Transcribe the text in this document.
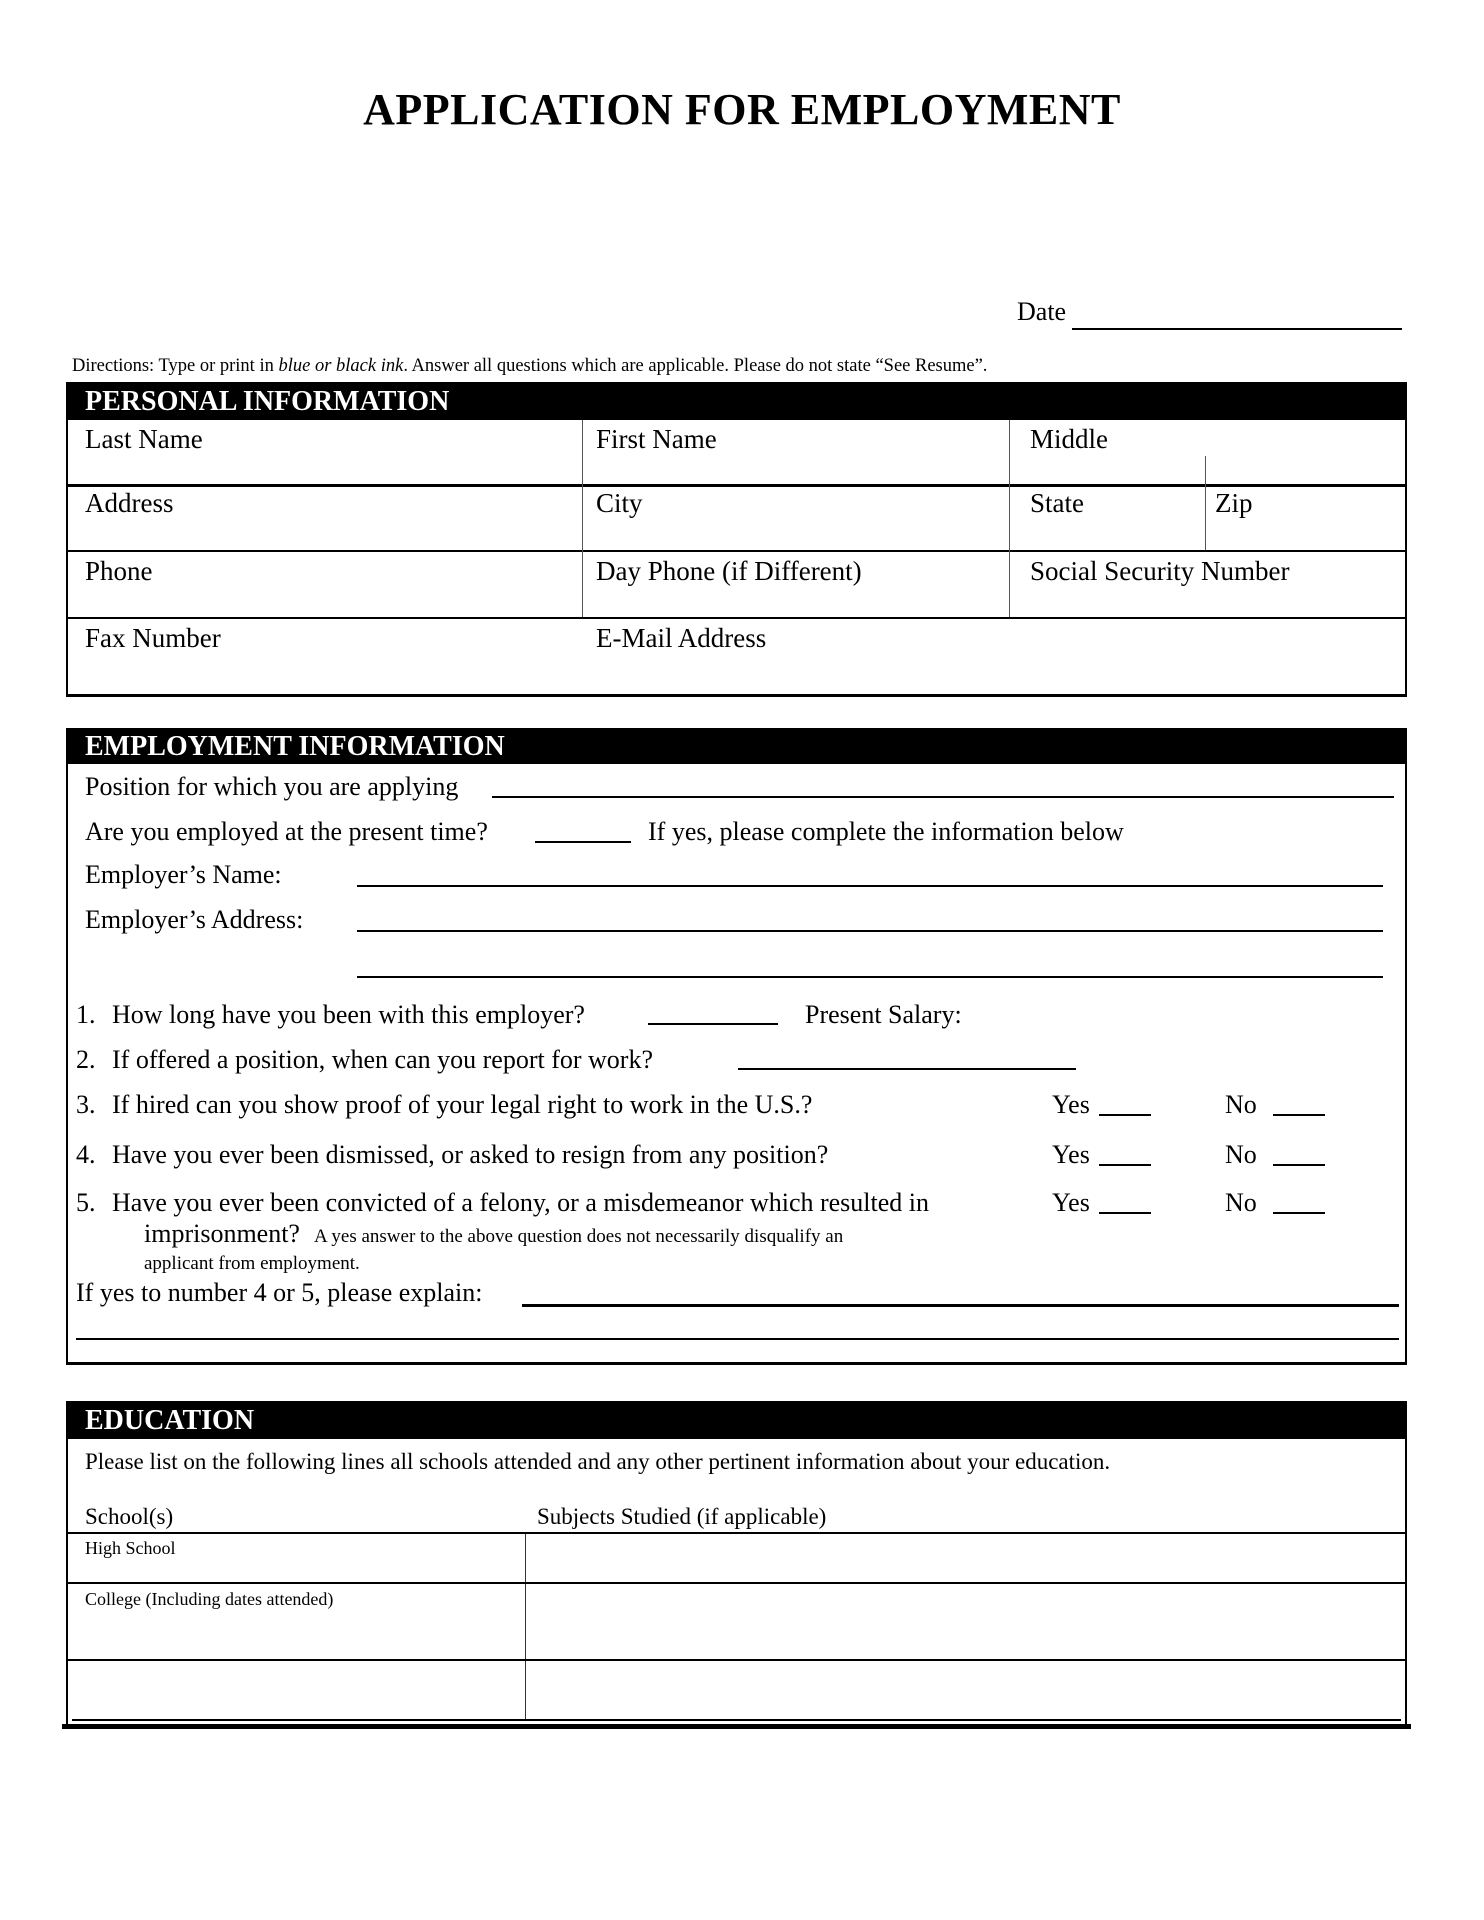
APPLICATION FOR EMPLOYMENT
Date
Directions: Type or print in blue or black ink. Answer all questions which are applicable. Please do not state “See Resume”.
PERSONAL INFORMATION
Last Name	First Name	Middle
Address	City	State	Zip
Phone	Day Phone (if Different)	Social Security Number
Fax Number	E-Mail Address
EMPLOYMENT INFORMATION
Position for which you are applying
Are you employed at the present time?	If yes, please complete the information below
Employer’s Name:
Employer’s Address:
1. How long have you been with this employer?	Present Salary:
2. If offered a position, when can you report for work?
3. If hired can you show proof of your legal right to work in the U.S.?	Yes	No
4. Have you ever been dismissed, or asked to resign from any position?	Yes	No
5. Have you ever been convicted of a felony, or a misdemeanor which resulted in	Yes	No
imprisonment? A yes answer to the above question does not necessarily disqualify an
applicant from employment.
If yes to number 4 or 5, please explain:
EDUCATION
Please list on the following lines all schools attended and any other pertinent information about your education.
School(s)	Subjects Studied (if applicable)
High School
College (Including dates attended)
